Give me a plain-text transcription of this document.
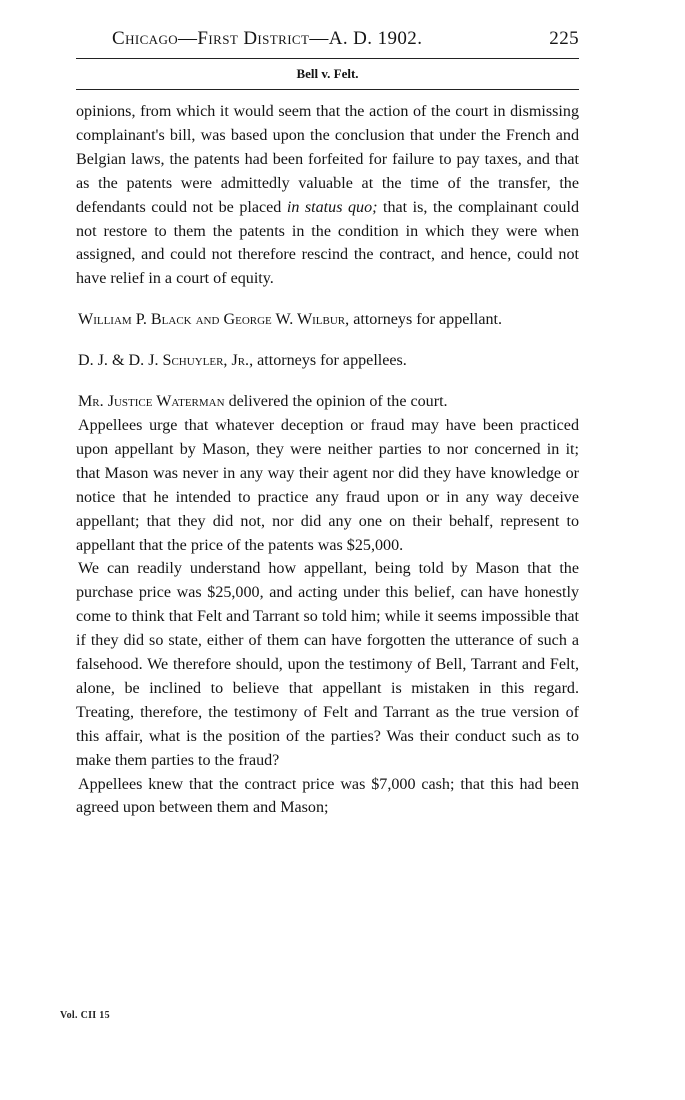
Chicago—First District—A. D. 1902.	225
Bell v. Felt.

opinions, from which it would seem that the action of the court in dismissing complainant's bill, was based upon the conclusion that under the French and Belgian laws, the patents had been forfeited for failure to pay taxes, and that as the patents were admittedly valuable at the time of the transfer, the defendants could not be placed in status quo; that is, the complainant could not restore to them the patents in the condition in which they were when assigned, and could not therefore rescind the contract, and hence, could not have relief in a court of equity.

William P. Black and George W. Wilbur, attorneys for appellant.

D. J. & D. J. Schuyler, Jr., attorneys for appellees.

Mr. Justice Waterman delivered the opinion of the court.

Appellees urge that whatever deception or fraud may have been practiced upon appellant by Mason, they were neither parties to nor concerned in it; that Mason was never in any way their agent nor did they have knowledge or notice that he intended to practice any fraud upon or in any way deceive appellant; that they did not, nor did any one on their behalf, represent to appellant that the price of the patents was $25,000.

We can readily understand how appellant, being told by Mason that the purchase price was $25,000, and acting under this belief, can have honestly come to think that Felt and Tarrant so told him; while it seems impossible that if they did so state, either of them can have forgotten the utterance of such a falsehood. We therefore should, upon the testimony of Bell, Tarrant and Felt, alone, be inclined to believe that appellant is mistaken in this regard. Treating, therefore, the testimony of Felt and Tarrant as the true version of this affair, what is the position of the parties? Was their conduct such as to make them parties to the fraud?

Appellees knew that the contract price was $7,000 cash; that this had been agreed upon between them and Mason;

Vol. CII 15
